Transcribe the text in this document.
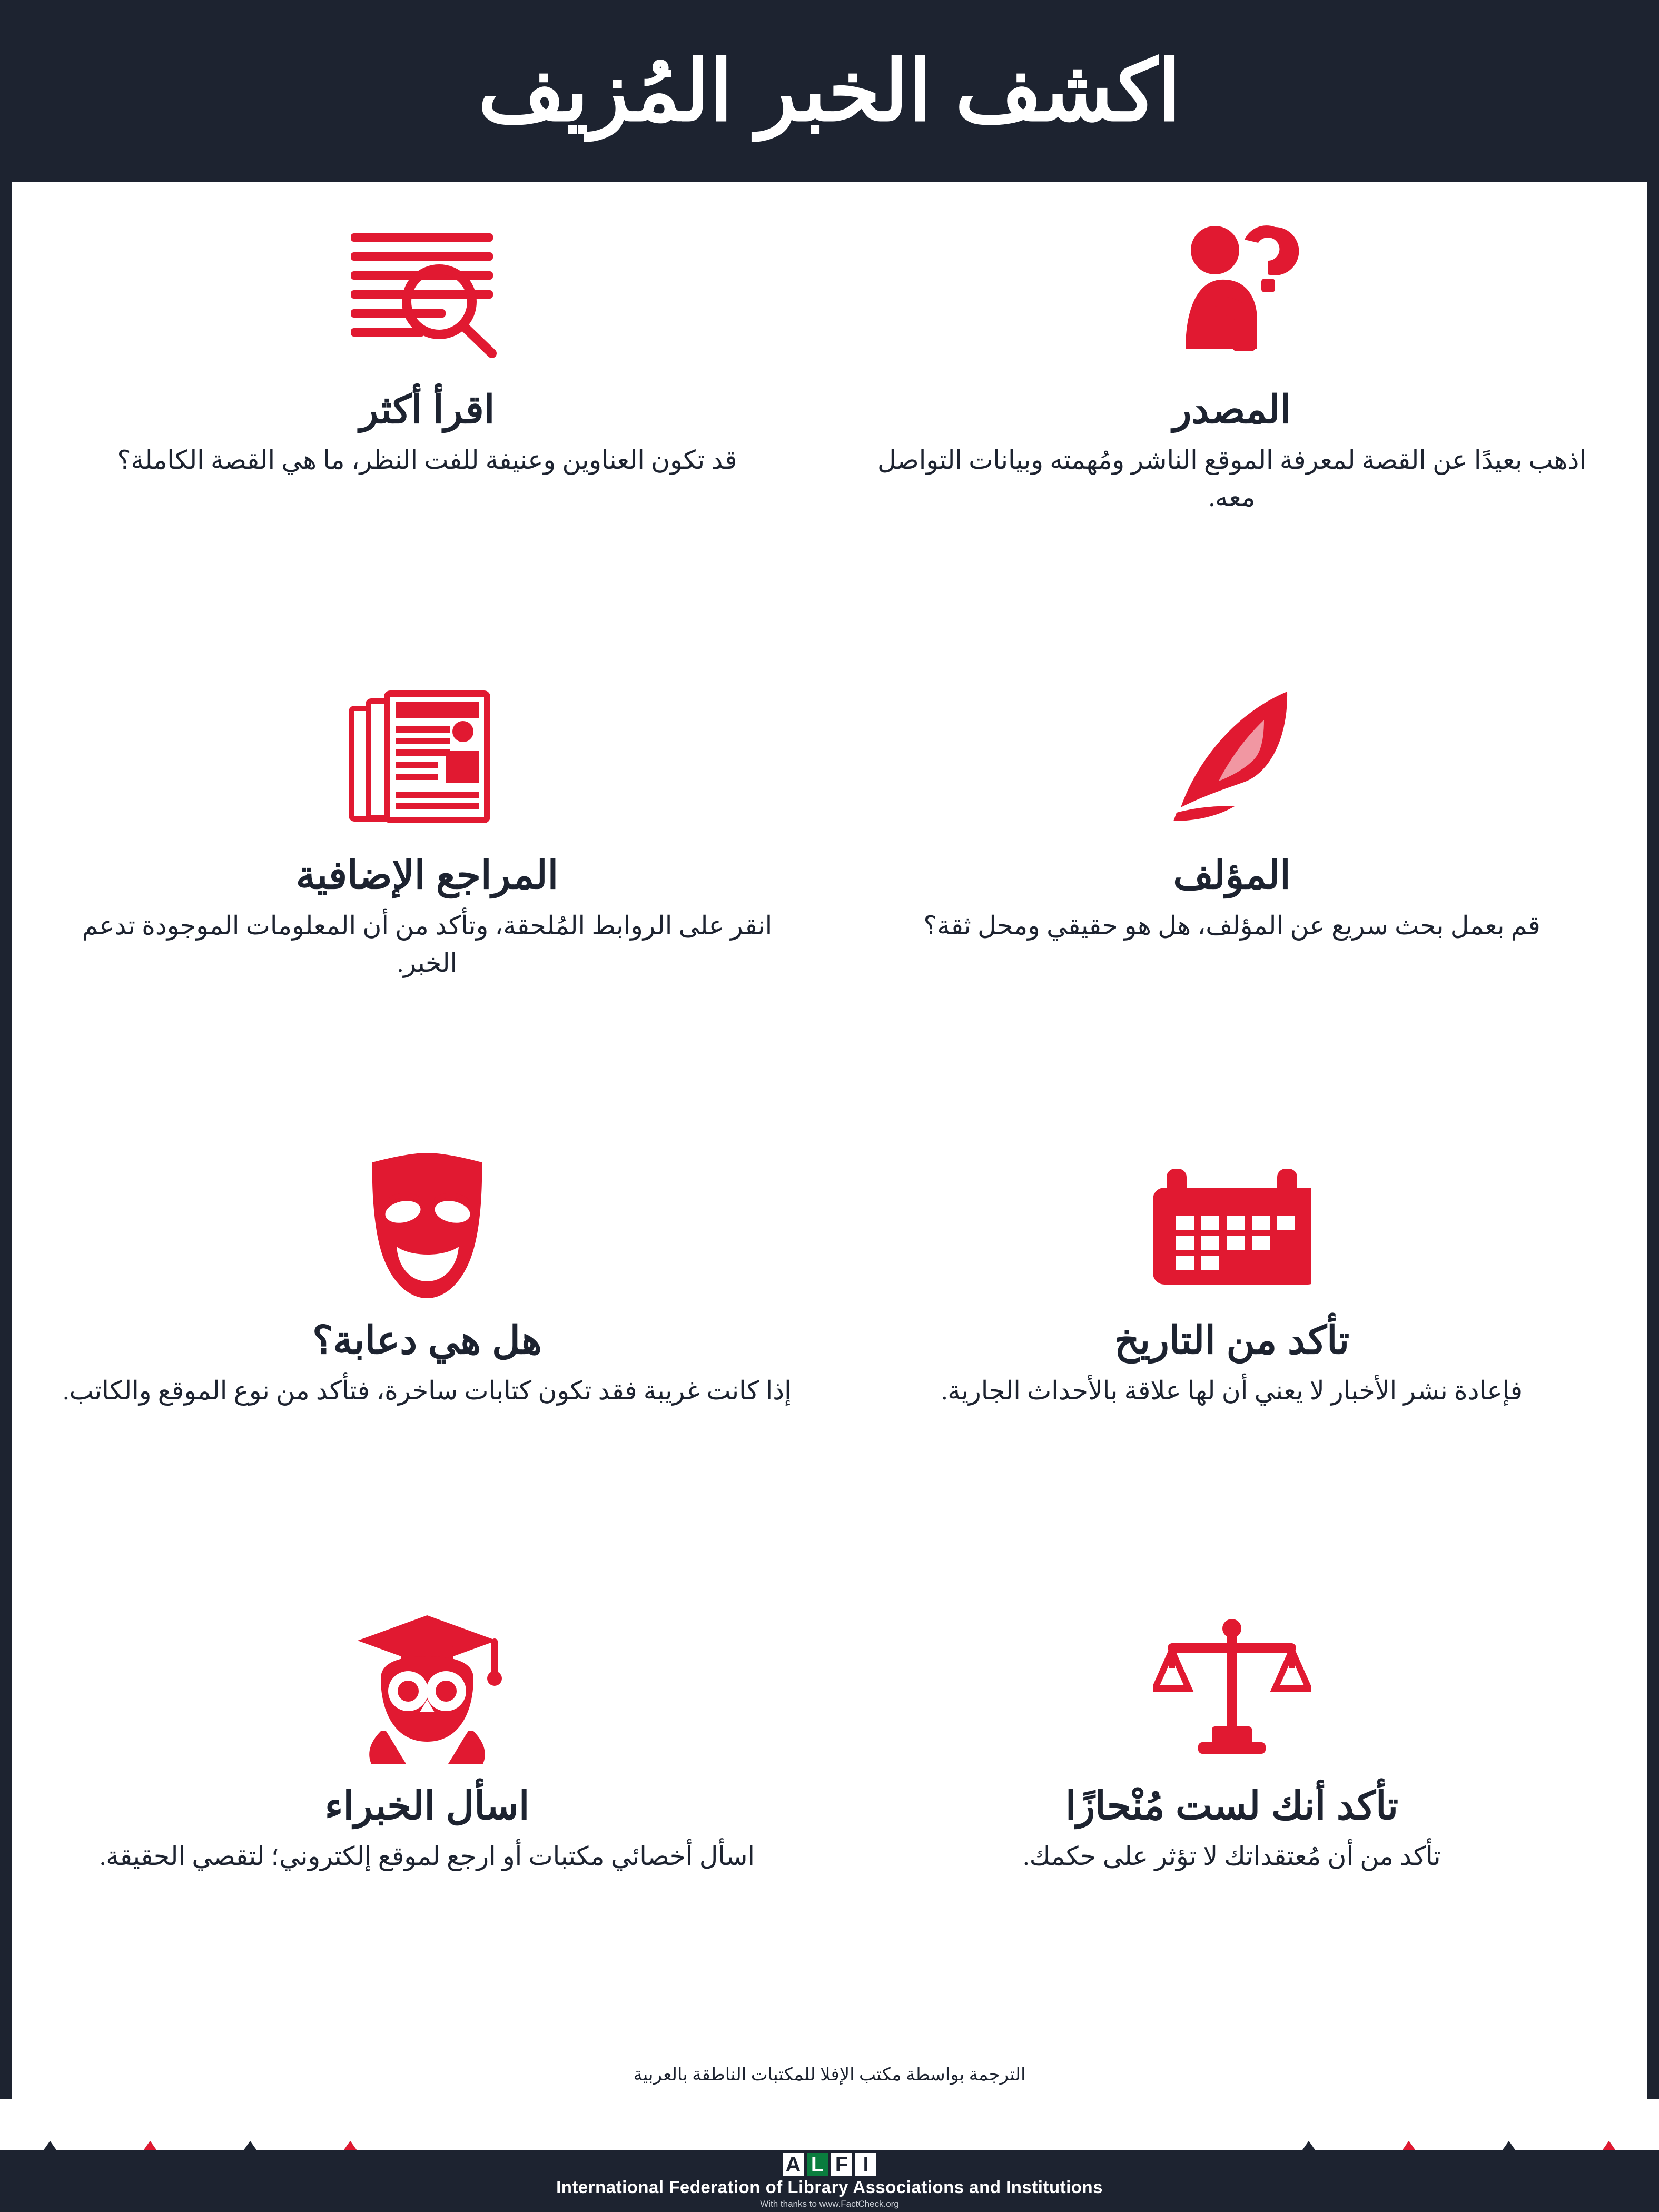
اكشف الخبر المُزيف
المصدر
اذهب بعيدًا عن القصة لمعرفة الموقع الناشر ومُهمته وبيانات التواصل معه.
اقرأ أكثر
قد تكون العناوين وعنيفة للفت النظر، ما هي القصة الكاملة؟
المؤلف
قم بعمل بحث سريع عن المؤلف، هل هو حقيقي ومحل ثقة؟
المراجع الإضافية
انقر على الروابط المُلحقة، وتأكد من أن المعلومات الموجودة تدعم الخبر.
تأكد من التاريخ
فإعادة نشر الأخبار لا يعني أن لها علاقة بالأحداث الجارية.
هل هي دعابة؟
إذا كانت غريبة فقد تكون كتابات ساخرة، فتأكد من نوع الموقع والكاتب.
تأكد أنك لست مُنْحازًا
تأكد من أن مُعتقداتك لا تؤثر على حكمك.
اسأل الخبراء
اسأل أخصائي مكتبات أو ارجع لموقع إلكتروني؛ لتقصي الحقيقة.
الترجمة بواسطة مكتب الإفلا للمكتبات الناطقة بالعربية
I
F
L
A
International Federation of Library Associations and Institutions
With thanks to www.FactCheck.org
